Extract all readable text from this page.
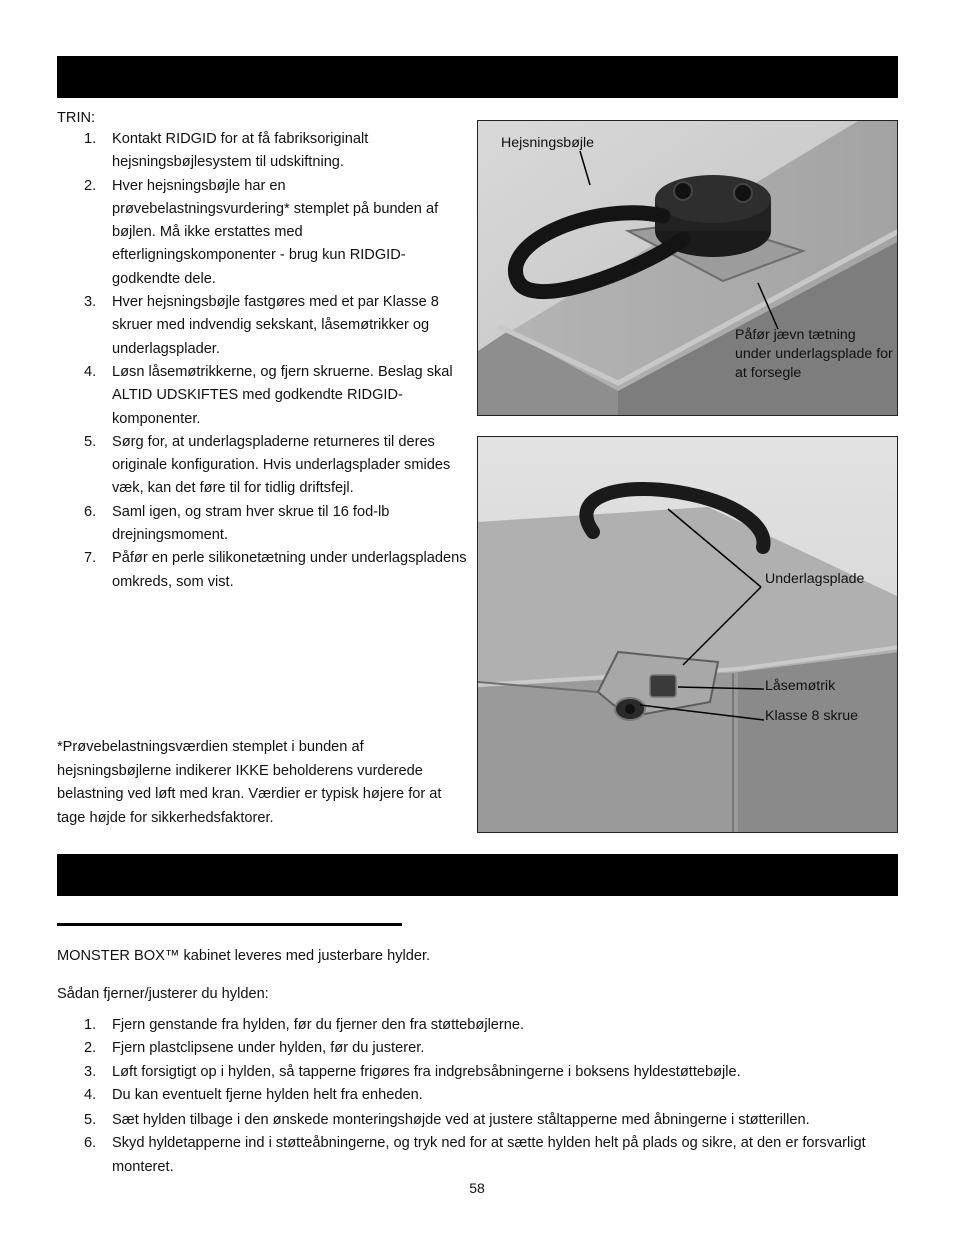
TRIN:
1. Kontakt RIDGID for at få fabriksoriginalt hejsningsbøjlesystem til udskiftning.
2. Hver hejsningsbøjle har en prøvebelastningsvurdering* stemplet på bunden af bøjlen. Må ikke erstattes med efterligningskomponenter - brug kun RIDGID-godkendte dele.
3. Hver hejsningsbøjle fastgøres med et par Klasse 8 skruer med indvendig sekskant, låsemøtrikker og underlagsplader.
4. Løsn låsemøtrikkerne, og fjern skruerne. Beslag skal ALTID UDSKIFTES med godkendte RIDGID-komponenter.
5. Sørg for, at underlagspladerne returneres til deres originale konfiguration. Hvis underlagsplader smides væk, kan det føre til for tidlig driftsfejl.
6. Saml igen, og stram hver skrue til 16 fod-lb drejningsmoment.
7. Påfør en perle silikonetætning under underlagspladens omkreds, som vist.
*Prøvebelastningsværdien stemplet i bunden af hejsningsbøjlerne indikerer IKKE beholderens vurderede belastning ved løft med kran. Værdier er typisk højere for at tage højde for sikkerhedsfaktorer.
Hejsningsbøjle
Påfør jævn tætning under underlagsplade for at forsegle
Underlagsplade
Låsemøtrik
Klasse 8 skrue
MONSTER BOX™ kabinet leveres med justerbare hylder.
Sådan fjerner/justerer du hylden:
1. Fjern genstande fra hylden, før du fjerner den fra støttebøjlerne.
2. Fjern plastclipsene under hylden, før du justerer.
3. Løft forsigtigt op i hylden, så tapperne frigøres fra indgrebsåbningerne i boksens hyldestøttebøjle.
4. Du kan eventuelt fjerne hylden helt fra enheden.
5. Sæt hylden tilbage i den ønskede monteringshøjde ved at justere ståltapperne med åbningerne i støtterillen.
6. Skyd hyldetapperne ind i støtteåbningerne, og tryk ned for at sætte hylden helt på plads og sikre, at den er forsvarligt monteret.
58
